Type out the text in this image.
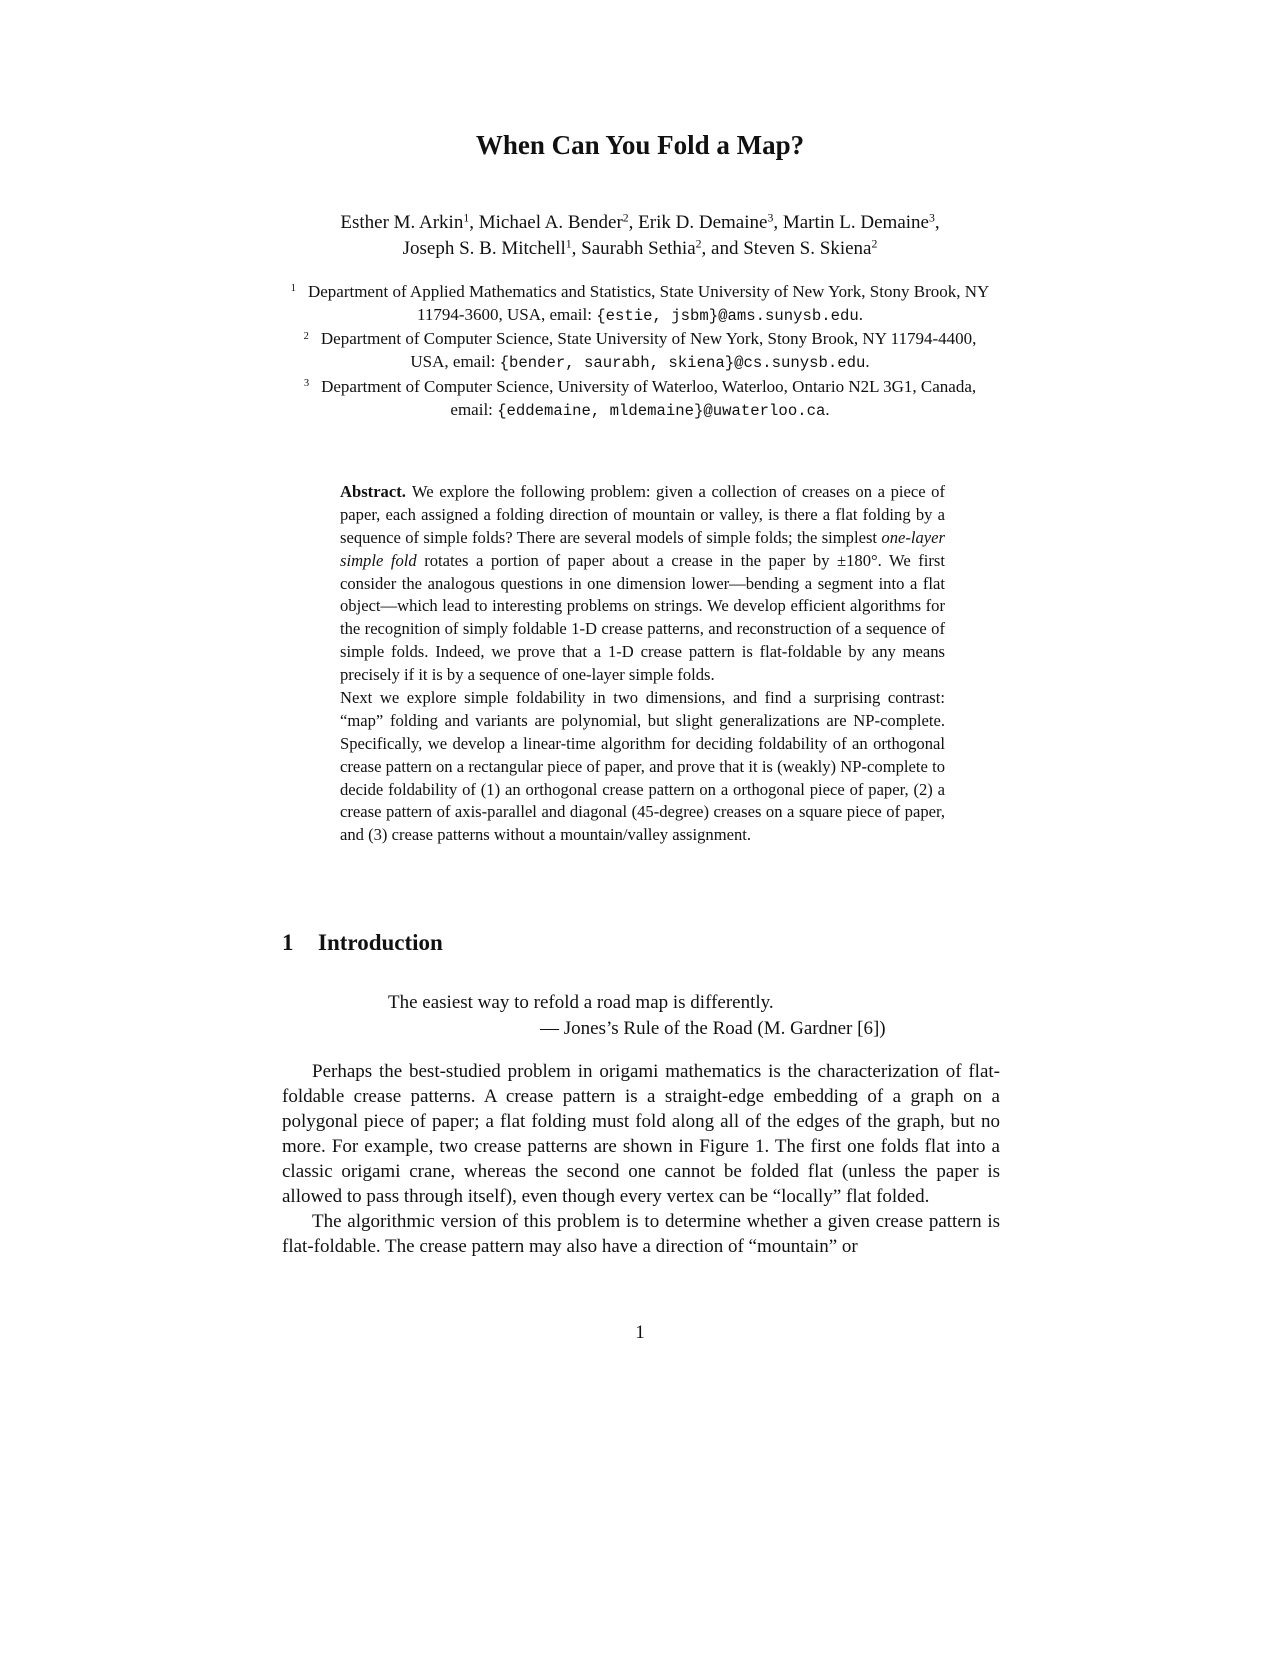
When Can You Fold a Map?
Esther M. Arkin$^1$, Michael A. Bender$^2$, Erik D. Demaine$^3$, Martin L. Demaine$^3$,
Joseph S. B. Mitchell$^1$, Saurabh Sethia$^2$, and Steven S. Skiena$^2$

$^1$ Department of Applied Mathematics and Statistics, State University of New York, Stony Brook, NY 11794-3600, USA, email: {estie, jsbm}@ams.sunysb.edu.

$^2$ Department of Computer Science, State University of New York, Stony Brook, NY 11794-4400, USA, email: {bender, saurabh, skiena}@cs.sunysb.edu.

$^3$ Department of Computer Science, University of Waterloo, Waterloo, Ontario N2L 3G1, Canada, email: {eddemaine, mldemaine}@uwaterloo.ca.

Abstract. We explore the following problem: given a collection of creases on a piece of paper, each assigned a folding direction of mountain or valley, is there a flat folding by a sequence of simple folds? There are several models of simple folds; the simplest one-layer simple fold rotates a portion of paper about a crease in the paper by ±180°. We first consider the analogous questions in one dimension lower—bending a segment into a flat object—which lead to interesting problems on strings. We develop efficient algorithms for the recognition of simply foldable 1-D crease patterns, and reconstruction of a sequence of simple folds. Indeed, we prove that a 1-D crease pattern is flat-foldable by any means precisely if it is by a sequence of one-layer simple folds.

Next we explore simple foldability in two dimensions, and find a surprising contrast: “map” folding and variants are polynomial, but slight generalizations are NP-complete. Specifically, we develop a linear-time algorithm for deciding foldability of an orthogonal crease pattern on a rectangular piece of paper, and prove that it is (weakly) NP-complete to decide foldability of (1) an orthogonal crease pattern on a orthogonal piece of paper, (2) a crease pattern of axis-parallel and diagonal (45-degree) creases on a square piece of paper, and (3) crease patterns without a mountain/valley assignment.

1 Introduction
The easiest way to refold a road map is differently.
— Jones’s Rule of the Road (M. Gardner [6])

Perhaps the best-studied problem in origami mathematics is the characterization of flat-foldable crease patterns. A crease pattern is a straight-edge embedding of a graph on a polygonal piece of paper; a flat folding must fold along all of the edges of the graph, but no more. For example, two crease patterns are shown in Figure 1. The first one folds flat into a classic origami crane, whereas the second one cannot be folded flat (unless the paper is allowed to pass through itself), even though every vertex can be “locally” flat folded.

The algorithmic version of this problem is to determine whether a given crease pattern is flat-foldable. The crease pattern may also have a direction of “mountain” or

1
